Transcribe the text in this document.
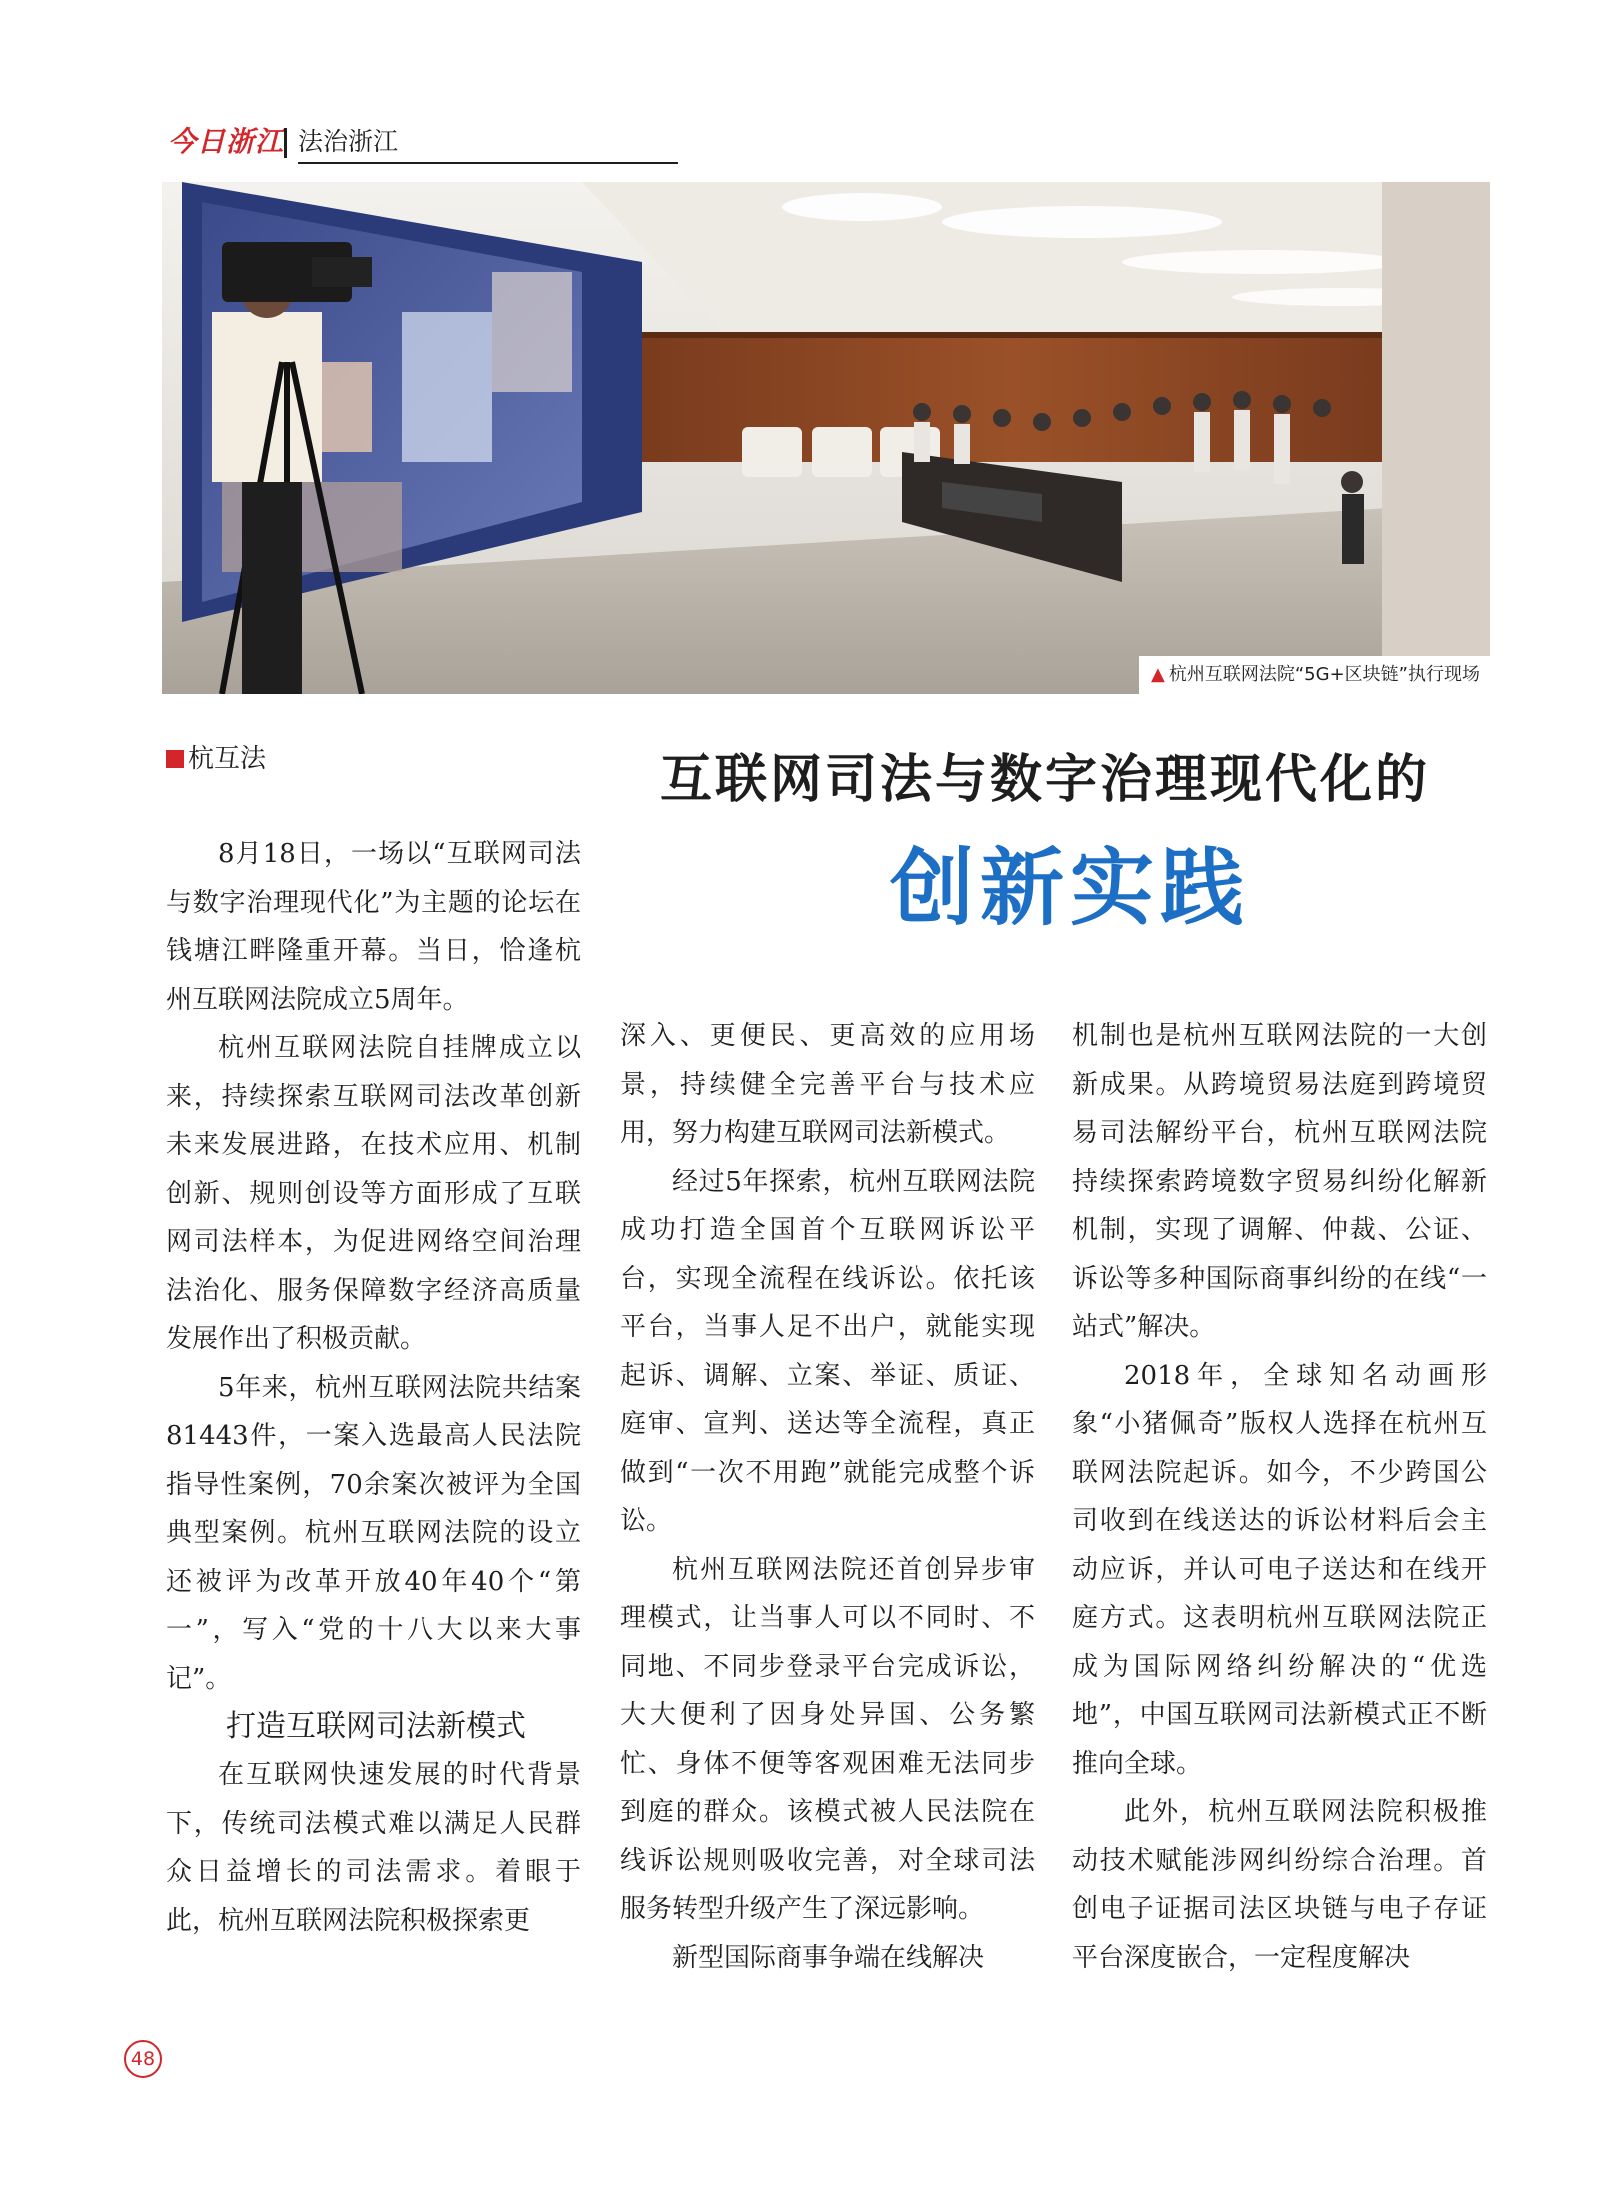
今日浙江 法治浙江
▲ 杭州互联网法院“5G+区块链”执行现场
杭互法	互联网司法与数字治理现代化的
创新实践

8月18日，一场以“互联网司法与数字治理现代化”为主题的论坛在钱塘江畔隆重开幕。当日，恰逢杭州互联网法院成立5周年。

杭州互联网法院自挂牌成立以来，持续探索互联网司法改革创新未来发展进路，在技术应用、机制创新、规则创设等方面形成了互联网司法样本，为促进网络空间治理法治化、服务保障数字经济高质量发展作出了积极贡献。

5年来，杭州互联网法院共结案81443件，一案入选最高人民法院指导性案例，70余案次被评为全国典型案例。杭州互联网法院的设立还被评为改革开放40年40个“第一”，写入“党的十八大以来大事记”。

打造互联网司法新模式

在互联网快速发展的时代背景下，传统司法模式难以满足人民群众日益增长的司法需求。着眼于此，杭州互联网法院积极探索更

深入、更便民、更高效的应用场景，持续健全完善平台与技术应用，努力构建互联网司法新模式。

经过5年探索，杭州互联网法院成功打造全国首个互联网诉讼平台，实现全流程在线诉讼。依托该平台，当事人足不出户，就能实现起诉、调解、立案、举证、质证、庭审、宣判、送达等全流程，真正做到“一次不用跑”就能完成整个诉讼。

杭州互联网法院还首创异步审理模式，让当事人可以不同时、不同地、不同步登录平台完成诉讼，大大便利了因身处异国、公务繁忙、身体不便等客观困难无法同步到庭的群众。该模式被人民法院在线诉讼规则吸收完善，对全球司法服务转型升级产生了深远影响。

新型国际商事争端在线解决

机制也是杭州互联网法院的一大创新成果。从跨境贸易法庭到跨境贸易司法解纷平台，杭州互联网法院持续探索跨境数字贸易纠纷化解新机制，实现了调解、仲裁、公证、诉讼等多种国际商事纠纷的在线“一站式”解决。

2018年，全球知名动画形象“小猪佩奇”版权人选择在杭州互联网法院起诉。如今，不少跨国公司收到在线送达的诉讼材料后会主动应诉，并认可电子送达和在线开庭方式。这表明杭州互联网法院正成为国际网络纠纷解决的“优选地”，中国互联网司法新模式正不断推向全球。

此外，杭州互联网法院积极推动技术赋能涉网纠纷综合治理。首创电子证据司法区块链与电子存证平台深度嵌合，一定程度解决

48
